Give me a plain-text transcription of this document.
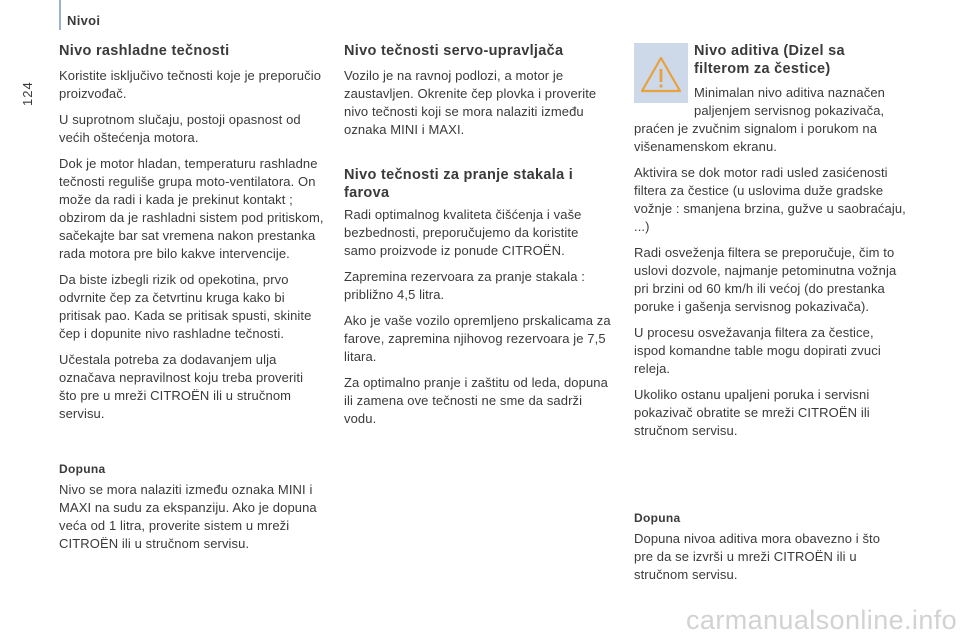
Nivoi
124
Nivo rashladne tečnosti

Koristite isključivo tečnosti koje je preporučio proizvođač.

U suprotnom slučaju, postoji opasnost od većih oštećenja motora.

Dok je motor hladan, temperaturu rashladne tečnosti reguliše grupa moto-ventilatora. On može da radi i kada je prekinut kontakt ; obzirom da je rashladni sistem pod pritiskom, sačekajte bar sat vremena nakon prestanka rada motora pre bilo kakve intervencije.

Da biste izbegli rizik od opekotina, prvo odvrnite čep za četvrtinu kruga kako bi pritisak pao. Kada se pritisak spusti, skinite čep i dopunite nivo rashladne tečnosti.

Učestala potreba za dodavanjem ulja označava nepravilnost koju treba proveriti što pre u mreži CITROËN ili u stručnom servisu.

Dopuna

Nivo se mora nalaziti između oznaka MINI i MAXI na sudu za ekspanziju. Ako je dopuna veća od 1 litra, proverite sistem u mreži CITROËN ili u stručnom servisu.

Nivo tečnosti servo-upravljača

Vozilo je na ravnoj podlozi, a motor je zaustavljen. Okrenite čep plovka i proverite nivo tečnosti koji se mora nalaziti između oznaka MINI i MAXI.

Nivo tečnosti za pranje stakala i farova

Radi optimalnog kvaliteta čišćenja i vaše bezbednosti, preporučujemo da koristite samo proizvode iz ponude CITROËN.

Zapremina rezervoara za pranje stakala : približno 4,5 litra.

Ako je vaše vozilo opremljeno prskalicama za farove, zapremina njihovog rezervoara je 7,5 litara.

Za optimalno pranje i zaštitu od leda, dopuna ili zamena ove tečnosti ne sme da sadrži vodu.

Nivo aditiva (Dizel sa filterom za čestice)

Minimalan nivo aditiva naznačen paljenjem servisnog pokazivača,

praćen je zvučnim signalom i porukom na višenamenskom ekranu.

Aktivira se dok motor radi usled zasićenosti filtera za čestice (u uslovima duže gradske vožnje : smanjena brzina, gužve u saobraćaju, ...)

Radi osveženja filtera se preporučuje, čim to uslovi dozvole, najmanje petominutna vožnja pri brzini od 60 km/h ili većoj (do prestanka poruke i gašenja servisnog pokazivača).

U procesu osvežavanja filtera za čestice, ispod komandne table mogu dopirati zvuci releja.

Ukoliko ostanu upaljeni poruka i servisni pokazivač obratite se mreži CITROËN ili stručnom servisu.

Dopuna

Dopuna nivoa aditiva mora obavezno i što pre da se izvrši u mreži CITROËN ili u stručnom servisu.

carmanualsonline.info
